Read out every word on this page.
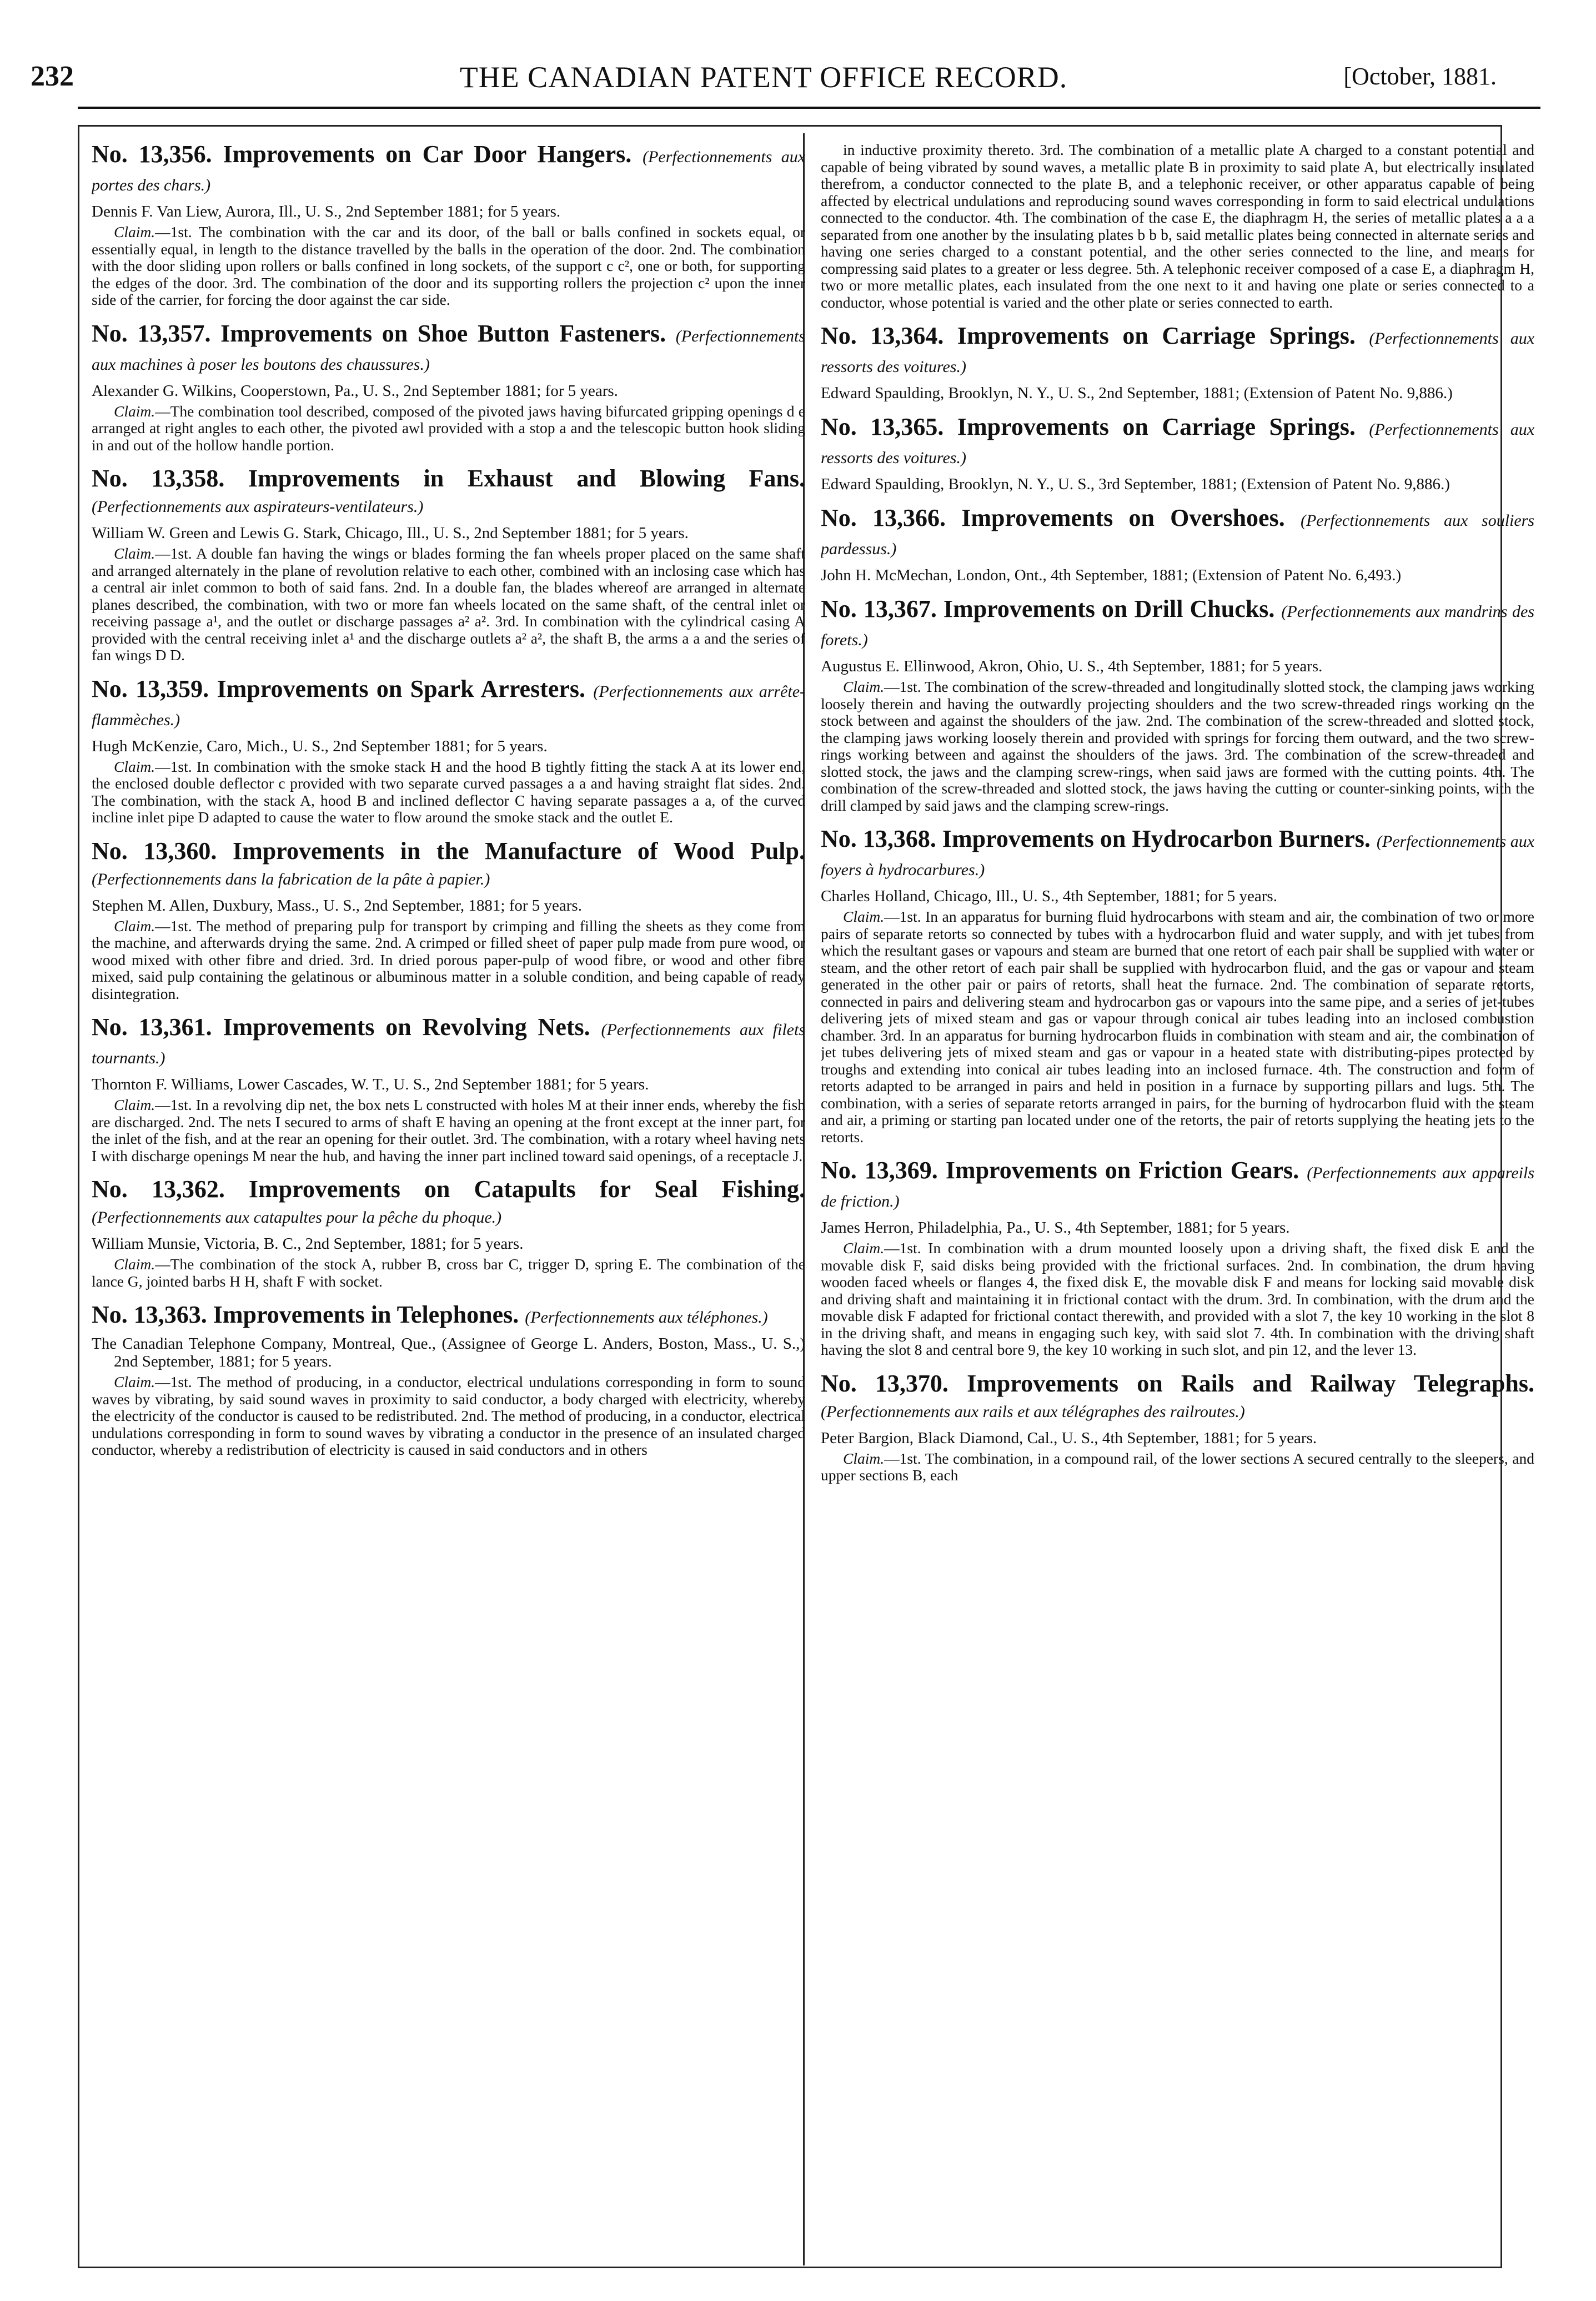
232	THE CANADIAN PATENT OFFICE RECORD.	[October, 1881.
No. 13,356. Improvements on Car Door Hangers. (Perfectionnements aux portes des chars.)

Dennis F. Van Liew, Aurora, Ill., U. S., 2nd September 1881; for 5 years.

Claim.—1st. The combination with the car and its door, of the ball or balls confined in sockets equal, or essentially equal, in length to the distance travelled by the balls in the operation of the door. 2nd. The combination with the door sliding upon rollers or balls confined in long sockets, of the support c c², one or both, for supporting the edges of the door. 3rd. The combination of the door and its supporting rollers the projection c² upon the inner side of the carrier, for forcing the door against the car side.

No. 13,357. Improvements on Shoe Button Fasteners. (Perfectionnements aux machines à poser les boutons des chaussures.)

Alexander G. Wilkins, Cooperstown, Pa., U. S., 2nd September 1881; for 5 years.

Claim.—The combination tool described, composed of the pivoted jaws having bifurcated gripping openings d e arranged at right angles to each other, the pivoted awl provided with a stop a and the telescopic button hook sliding in and out of the hollow handle portion.

No. 13,358. Improvements in Exhaust and Blowing Fans. (Perfectionnements aux aspirateurs-ventilateurs.)

William W. Green and Lewis G. Stark, Chicago, Ill., U. S., 2nd September 1881; for 5 years.

Claim.—1st. A double fan having the wings or blades forming the fan wheels proper placed on the same shaft and arranged alternately in the plane of revolution relative to each other, combined with an inclosing case which has a central air inlet common to both of said fans. 2nd. In a double fan, the blades whereof are arranged in alternate planes described, the combination, with two or more fan wheels located on the same shaft, of the central inlet or receiving passage a¹, and the outlet or discharge passages a² a². 3rd. In combination with the cylindrical casing A provided with the central receiving inlet a¹ and the discharge outlets a² a², the shaft B, the arms a a and the series of fan wings D D.

No. 13,359. Improvements on Spark Arresters. (Perfectionnements aux arrête-flammèches.)

Hugh McKenzie, Caro, Mich., U. S., 2nd September 1881; for 5 years.

Claim.—1st. In combination with the smoke stack H and the hood B tightly fitting the stack A at its lower end, the enclosed double deflector c provided with two separate curved passages a a and having straight flat sides. 2nd. The combination, with the stack A, hood B and inclined deflector C having separate passages a a, of the curved incline inlet pipe D adapted to cause the water to flow around the smoke stack and the outlet E.

No. 13,360. Improvements in the Manufacture of Wood Pulp. (Perfectionnements dans la fabrication de la pâte à papier.)

Stephen M. Allen, Duxbury, Mass., U. S., 2nd September, 1881; for 5 years.

Claim.—1st. The method of preparing pulp for transport by crimping and filling the sheets as they come from the machine, and afterwards drying the same. 2nd. A crimped or filled sheet of paper pulp made from pure wood, or wood mixed with other fibre and dried. 3rd. In dried porous paper-pulp of wood fibre, or wood and other fibre mixed, said pulp containing the gelatinous or albuminous matter in a soluble condition, and being capable of ready disintegration.

No. 13,361. Improvements on Revolving Nets. (Perfectionnements aux filets tournants.)

Thornton F. Williams, Lower Cascades, W. T., U. S., 2nd September 1881; for 5 years.

Claim.—1st. In a revolving dip net, the box nets L constructed with holes M at their inner ends, whereby the fish are discharged. 2nd. The nets I secured to arms of shaft E having an opening at the front except at the inner part, for the inlet of the fish, and at the rear an opening for their outlet. 3rd. The combination, with a rotary wheel having nets I with discharge openings M near the hub, and having the inner part inclined toward said openings, of a receptacle J.

No. 13,362. Improvements on Catapults for Seal Fishing. (Perfectionnements aux catapultes pour la pêche du phoque.)

William Munsie, Victoria, B. C., 2nd September, 1881; for 5 years.

Claim.—The combination of the stock A, rubber B, cross bar C, trigger D, spring E. The combination of the lance G, jointed barbs H H, shaft F with socket.

No. 13,363. Improvements in Telephones. (Perfectionnements aux téléphones.)

The Canadian Telephone Company, Montreal, Que., (Assignee of George L. Anders, Boston, Mass., U. S.,) 2nd September, 1881; for 5 years.

Claim.—1st. The method of producing, in a conductor, electrical undulations corresponding in form to sound waves by vibrating, by said sound waves in proximity to said conductor, a body charged with electricity, whereby the electricity of the conductor is caused to be redistributed. 2nd. The method of producing, in a conductor, electrical undulations corresponding in form to sound waves by vibrating a conductor in the presence of an insulated charged conductor, whereby a redistribution of electricity is caused in said conductors and in others

in inductive proximity thereto. 3rd. The combination of a metallic plate A charged to a constant potential and capable of being vibrated by sound waves, a metallic plate B in proximity to said plate A, but electrically insulated therefrom, a conductor connected to the plate B, and a telephonic receiver, or other apparatus capable of being affected by electrical undulations and reproducing sound waves corresponding in form to said electrical undulations connected to the conductor. 4th. The combination of the case E, the diaphragm H, the series of metallic plates a a a separated from one another by the insulating plates b b b, said metallic plates being connected in alternate series and having one series charged to a constant potential, and the other series connected to the line, and means for compressing said plates to a greater or less degree. 5th. A telephonic receiver composed of a case E, a diaphragm H, two or more metallic plates, each insulated from the one next to it and having one plate or series connected to a conductor, whose potential is varied and the other plate or series connected to earth.

No. 13,364. Improvements on Carriage Springs. (Perfectionnements aux ressorts des voitures.)

Edward Spaulding, Brooklyn, N. Y., U. S., 2nd September, 1881; (Extension of Patent No. 9,886.)

No. 13,365. Improvements on Carriage Springs. (Perfectionnements aux ressorts des voitures.)

Edward Spaulding, Brooklyn, N. Y., U. S., 3rd September, 1881; (Extension of Patent No. 9,886.)

No. 13,366. Improvements on Overshoes. (Perfectionnements aux souliers pardessus.)

John H. McMechan, London, Ont., 4th September, 1881; (Extension of Patent No. 6,493.)

No. 13,367. Improvements on Drill Chucks. (Perfectionnements aux mandrins des forets.)

Augustus E. Ellinwood, Akron, Ohio, U. S., 4th September, 1881; for 5 years.

Claim.—1st. The combination of the screw-threaded and longitudinally slotted stock, the clamping jaws working loosely therein and having the outwardly projecting shoulders and the two screw-threaded rings working on the stock between and against the shoulders of the jaw. 2nd. The combination of the screw-threaded and slotted stock, the clamping jaws working loosely therein and provided with springs for forcing them outward, and the two screw-rings working between and against the shoulders of the jaws. 3rd. The combination of the screw-threaded and slotted stock, the jaws and the clamping screw-rings, when said jaws are formed with the cutting points. 4th. The combination of the screw-threaded and slotted stock, the jaws having the cutting or counter-sinking points, with the drill clamped by said jaws and the clamping screw-rings.

No. 13,368. Improvements on Hydrocarbon Burners. (Perfectionnements aux foyers à hydrocarbures.)

Charles Holland, Chicago, Ill., U. S., 4th September, 1881; for 5 years.

Claim.—1st. In an apparatus for burning fluid hydrocarbons with steam and air, the combination of two or more pairs of separate retorts so connected by tubes with a hydrocarbon fluid and water supply, and with jet tubes from which the resultant gases or vapours and steam are burned that one retort of each pair shall be supplied with water or steam, and the other retort of each pair shall be supplied with hydrocarbon fluid, and the gas or vapour and steam generated in the other pair or pairs of retorts, shall heat the furnace. 2nd. The combination of separate retorts, connected in pairs and delivering steam and hydrocarbon gas or vapours into the same pipe, and a series of jet-tubes delivering jets of mixed steam and gas or vapour through conical air tubes leading into an inclosed combustion chamber. 3rd. In an apparatus for burning hydrocarbon fluids in combination with steam and air, the combination of jet tubes delivering jets of mixed steam and gas or vapour in a heated state with distributing-pipes protected by troughs and extending into conical air tubes leading into an inclosed furnace. 4th. The construction and form of retorts adapted to be arranged in pairs and held in position in a furnace by supporting pillars and lugs. 5th. The combination, with a series of separate retorts arranged in pairs, for the burning of hydrocarbon fluid with the steam and air, a priming or starting pan located under one of the retorts, the pair of retorts supplying the heating jets to the retorts.

No. 13,369. Improvements on Friction Gears. (Perfectionnements aux appareils de friction.)

James Herron, Philadelphia, Pa., U. S., 4th September, 1881; for 5 years.

Claim.—1st. In combination with a drum mounted loosely upon a driving shaft, the fixed disk E and the movable disk F, said disks being provided with the frictional surfaces. 2nd. In combination, the drum having wooden faced wheels or flanges 4, the fixed disk E, the movable disk F and means for locking said movable disk and driving shaft and maintaining it in frictional contact with the drum. 3rd. In combination, with the drum and the movable disk F adapted for frictional contact therewith, and provided with a slot 7, the key 10 working in the slot 8 in the driving shaft, and means in engaging such key, with said slot 7. 4th. In combination with the driving shaft having the slot 8 and central bore 9, the key 10 working in such slot, and pin 12, and the lever 13.

No. 13,370. Improvements on Rails and Railway Telegraphs. (Perfectionnements aux rails et aux télégraphes des railroutes.)

Peter Bargion, Black Diamond, Cal., U. S., 4th September, 1881; for 5 years.

Claim.—1st. The combination, in a compound rail, of the lower sections A secured centrally to the sleepers, and upper sections B, each
